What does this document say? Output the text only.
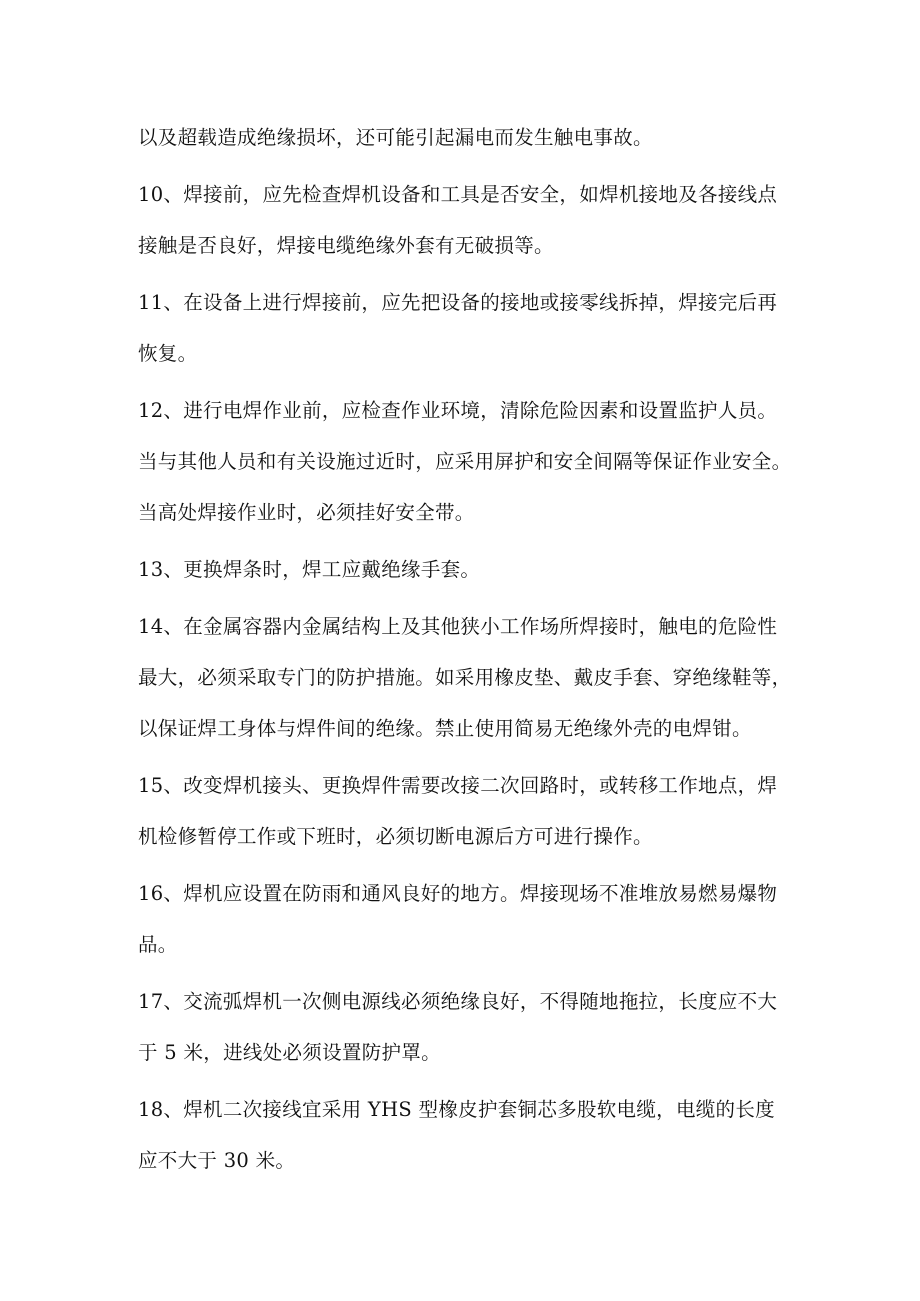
以及超载造成绝缘损坏，还可能引起漏电而发生触电事故。

10、焊接前，应先检查焊机设备和工具是否安全，如焊机接地及各接线点
接触是否良好，焊接电缆绝缘外套有无破损等。

11、在设备上进行焊接前，应先把设备的接地或接零线拆掉，焊接完后再
恢复。

12、进行电焊作业前，应检查作业环境，清除危险因素和设置监护人员。
当与其他人员和有关设施过近时，应采用屏护和安全间隔等保证作业安全。
当高处焊接作业时，必须挂好安全带。

13、更换焊条时，焊工应戴绝缘手套。

14、在金属容器内金属结构上及其他狭小工作场所焊接时，触电的危险性
最大，必须采取专门的防护措施。如采用橡皮垫、戴皮手套、穿绝缘鞋等，
以保证焊工身体与焊件间的绝缘。禁止使用简易无绝缘外壳的电焊钳。

15、改变焊机接头、更换焊件需要改接二次回路时，或转移工作地点，焊
机检修暂停工作或下班时，必须切断电源后方可进行操作。

16、焊机应设置在防雨和通风良好的地方。焊接现场不准堆放易燃易爆物
品。

17、交流弧焊机一次侧电源线必须绝缘良好，不得随地拖拉，长度应不大
于 5 米，进线处必须设置防护罩。

18、焊机二次接线宜采用 YHS 型橡皮护套铜芯多股软电缆，电缆的长度
应不大于 30 米。
